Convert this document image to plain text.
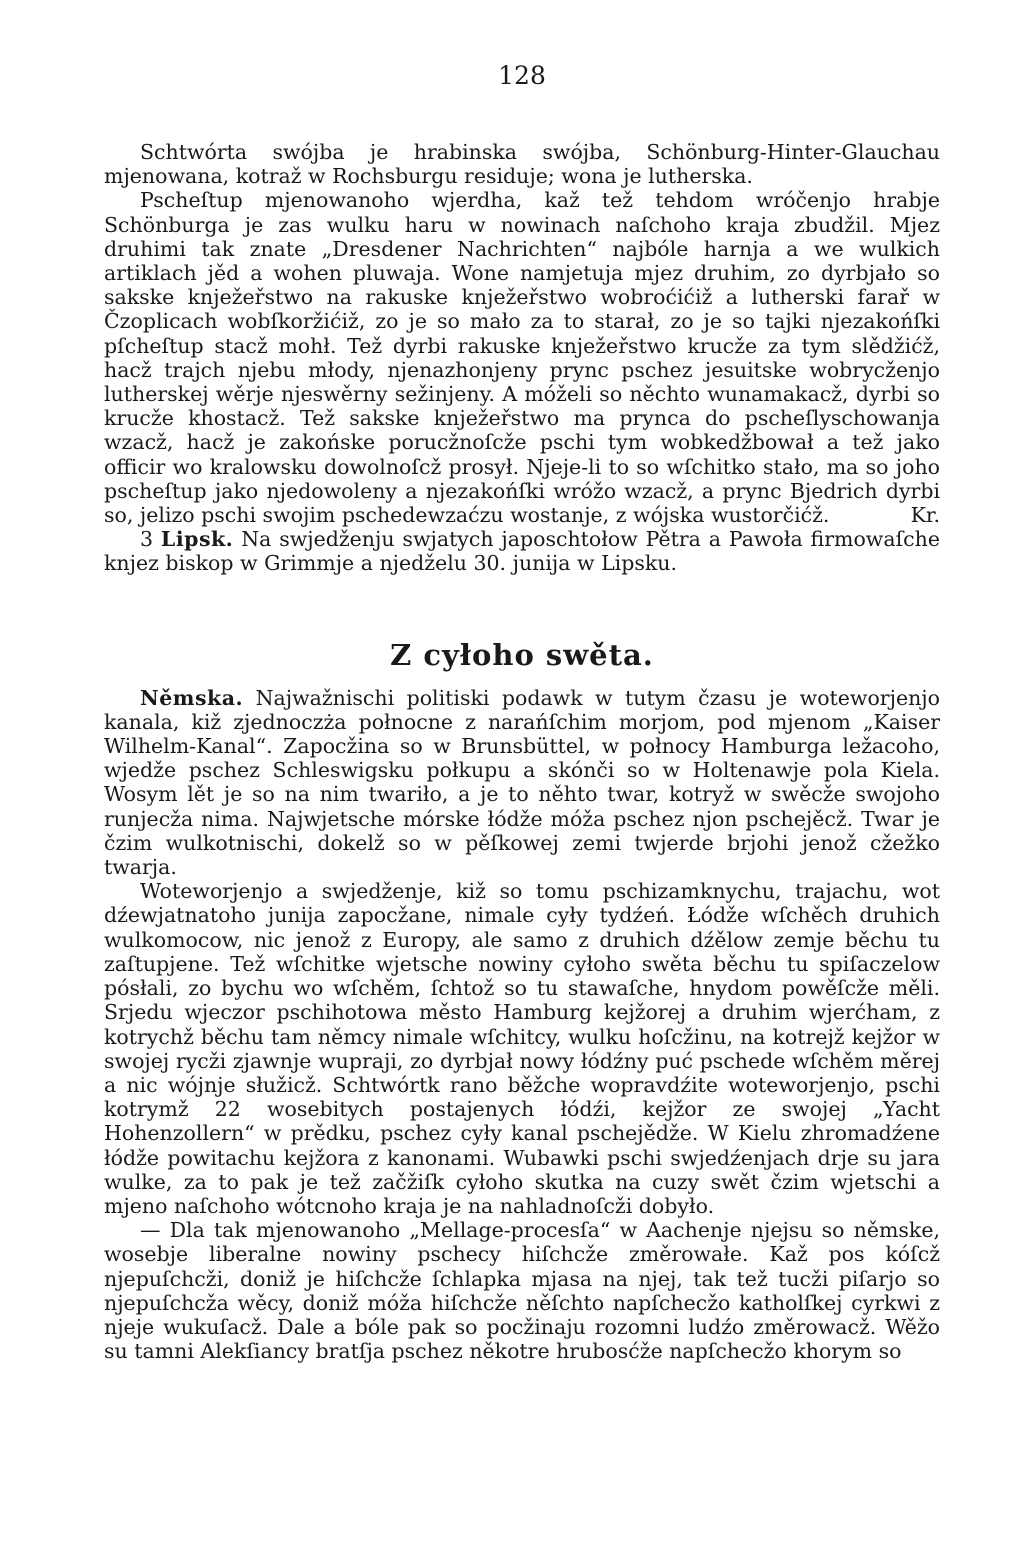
128

Schtwórta swójba je hrabinska swójba, Schönburg-Hinter-Glauchau mjenowana, kotraž w Rochsburgu residuje; wona je lutherska.

Pscheſtup mjenowanoho wjerdha, kaž tež tehdom wróčenjo hrabje Schönburga je zas wulku haru w nowinach naſchoho kraja zbudžil. Mjez druhimi tak znate „Dresdener Nachrichten“ najbóle harnja a we wulkich artiklach jěd a wohen pluwaja. Wone namjetuja mjez druhim, zo dyrbjało so sakske knježeřstwo na rakuske knježeřstwo wobroćićiž a lutherski farař w Čzoplicach wobſkoržićiž, zo je so mało za to starał, zo je so tajki njezakońſki pſcheſtup stacž mohł. Tež dyrbi rakuske knježeřstwo krucže za tym slědžićž, hacž trajch njebu młody, njenazhonjeny prync pschez jesuitske wobrycženjo lutherskej wěrje njeswěrny sežinjeny. A móželi so něchto wunamakacž, dyrbi so krucže khostacž. Tež sakske knježeřstwo ma prynca do pscheſlyschowanja wzacž, hacž je zakońske porucžnoſcže pschi tym wobkedžbował a tež jako officir wo kralowsku dowolnoſcž prosył. Njeje-li to so wſchitko stało, ma so joho pscheſtup jako njedowoleny a njezakońſki wróžo wzacž, a prync Bjedrich dyrbi so, jelizo pschi swojim pschedewzaćzu wostanje, z wójska wustorčićž.	Kr.

3 Lipsk. Na swjedženju swjatych japoschtołow Pětra a Pawoła firmowaſche knjez biskop w Grimmje a njedželu 30. junija w Lipsku.

Z cyłoho swěta.

Němska. Najwažnischi politiski podawk w tutym čzasu je woteworjenjo kanala, kiž zjednoczża połnocne z narańſchim morjom, pod mjenom „Kaiser Wilhelm-Kanal“. Zapocžina so w Brunsbüttel, w połnocy Hamburga ležacoho, wjedže pschez Schleswigsku połkupu a skónči so w Holtenawje pola Kiela. Wosym lět je so na nim twariło, a je to něhto twar, kotryž w swěcže swojoho runjecža nima. Najwjetsche mórske łódže móža pschez njon pschejěcž. Twar je čzim wulkotnischi, dokelž so w pěſkowej zemi twjerde brjohi jenož cžežko twarja.

Woteworjenjo a swjedženje, kiž so tomu pschizamknychu, trajachu, wot dźewjatnatoho junija zapocžane, nimale cyły tydźeń. Łódže wſchěch druhich wulkomocow, nic jenož z Europy, ale samo z druhich dźělow zemje běchu tu zaſtupjene. Tež wſchitke wjetsche nowiny cyłoho swěta běchu tu spiſaczelow pósłali, zo bychu wo wſchěm, ſchtož so tu stawaſche, hnydom powěſcže měli. Srjedu wjeczor pschihotowa město Hamburg kejžorej a druhim wjerćham, z kotrychž běchu tam němcy nimale wſchitcy, wulku hoſcžinu, na kotrejž kejžor w swojej rycži zjawnje wupraji, zo dyrbjał nowy łódźny puć pschede wſchěm měrej a nic wójnje słužicž. Schtwórtk rano běžche wopravdźite woteworjenjo, pschi kotrymž 22 wosebitych postajenych łódźi, kejžor ze swojej „Yacht Hohenzollern“ w prědku, pschez cyły kanal pschejědže. W Kielu zhromadźene łódže powitachu kejžora z kanonami. Wubawki pschi swjedźenjach drje su jara wulke, za to pak je tež začžiſk cyłoho skutka na cuzy swět čzim wjetschi a mjeno naſchoho wótcnoho kraja je na nahladnoſcži dobyło.

— Dla tak mjenowanoho „Mellage-procesſa“ w Aachenje njejsu so němske, wosebje liberalne nowiny pschecy hiſchcže změrowałe. Kaž pos kóſcž njepuſchcži, doniž je hiſchcže ſchlapka mjasa na njej, tak tež tucži piſarjo so njepuſchcža wěcy, doniž móža hiſchcže něſchto napſchecžo katholſkej cyrkwi z njeje wukuſacž. Dale a bóle pak so pocžinaju rozomni ludźo změrowacž. Wěžo su tamni Alekſiancy bratſja pschez někotre hrubosćže napſchecžo khorym so
